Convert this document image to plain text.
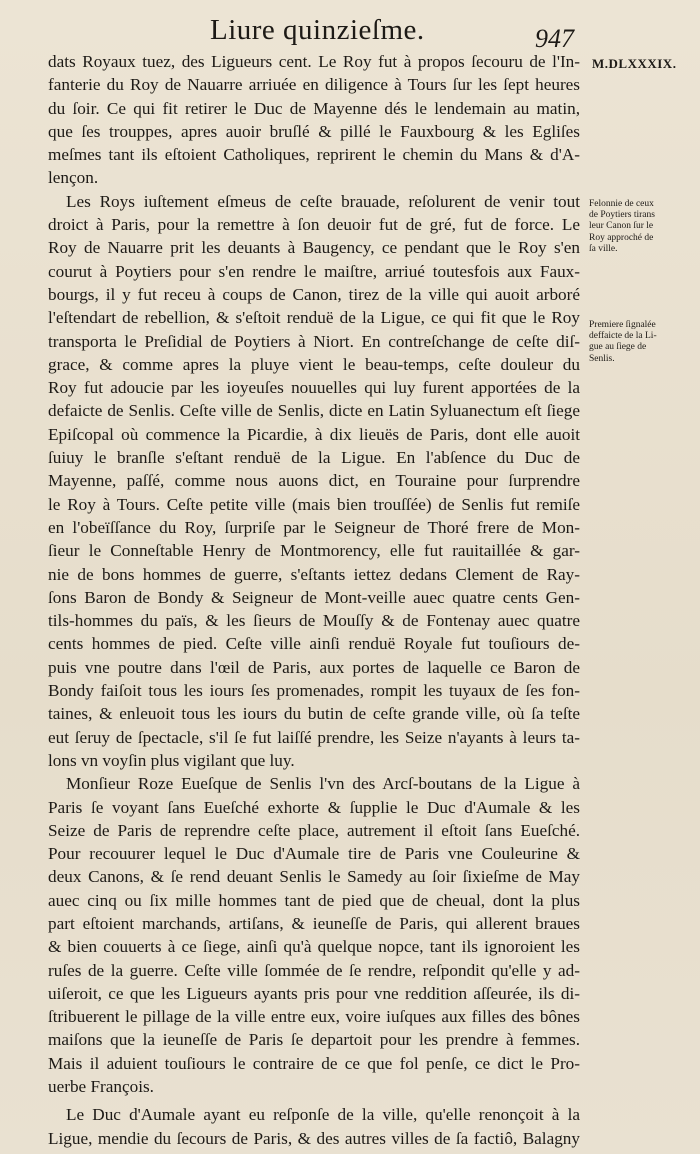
Liure quinzieſme.	947
M.DLXXXIX.
dats Royaux tuez, des Ligueurs cent. Le Roy fut à propos ſecouru de l'In-
fanterie du Roy de Nauarre arriuée en diligence à Tours ſur les ſept heures
du ſoir. Ce qui fit retirer le Duc de Mayenne dés le lendemain au matin,
que ſes trouppes, apres auoir bruſlé & pillé le Fauxbourg & les Egliſes
meſmes tant ils eſtoient Catholiques, reprirent le chemin du Mans & d'A-
lençon.
Les Roys iuſtement eſmeus de ceſte brauade, reſolurent de venir tout
droict à Paris, pour la remettre à ſon deuoir fut de gré, fut de force. Le
Roy de Nauarre prit les deuants à Baugency, ce pendant que le Roy s'en
courut à Poytiers pour s'en rendre le maiſtre, arriué toutesfois aux Faux-
bourgs, il y fut receu à coups de Canon, tirez de la ville qui auoit arboré
l'eſtendart de rebellion, & s'eſtoit renduë de la Ligue, ce qui fit que le Roy
transporta le Preſidial de Poytiers à Niort. En contreſchange de ceſte diſ-
grace, & comme apres la pluye vient le beau-temps, ceſte douleur du
Roy fut adoucie par les ioyeuſes nouuelles qui luy furent apportées de la
defaicte de Senlis. Ceſte ville de Senlis, dicte en Latin Syluanectum eſt ſiege
Epiſcopal où commence la Picardie, à dix lieuës de Paris, dont elle auoit
ſuiuy le branſle s'eſtant renduë de la Ligue. En l'abſence du Duc de
Mayenne, paſſé, comme nous auons dict, en Touraine pour ſurprendre
le Roy à Tours. Ceſte petite ville (mais bien trouſſée) de Senlis fut remiſe
en l'obeïſſance du Roy, ſurpriſe par le Seigneur de Thoré frere de Mon-
ſieur le Conneſtable Henry de Montmorency, elle fut rauitaillée & gar-
nie de bons hommes de guerre, s'eſtants iettez dedans Clement de Ray-
ſons Baron de Bondy & Seigneur de Mont-veille auec quatre cents Gen-
tils-hommes du païs, & les ſieurs de Mouſſy & de Fontenay auec quatre
cents hommes de pied. Ceſte ville ainſi renduë Royale fut touſiours de-
puis vne poutre dans l'œil de Paris, aux portes de laquelle ce Baron de
Bondy faiſoit tous les iours ſes promenades, rompit les tuyaux de ſes fon-
taines, & enleuoit tous les iours du butin de ceſte grande ville, où ſa teſte
eut ſeruy de ſpectacle, s'il ſe fut laiſſé prendre, les Seize n'ayants à leurs ta-
lons vn voyſin plus vigilant que luy.
Monſieur Roze Eueſque de Senlis l'vn des Arcſ-boutans de la Ligue à
Paris ſe voyant ſans Eueſché exhorte & ſupplie le Duc d'Aumale & les
Seize de Paris de reprendre ceſte place, autrement il eſtoit ſans Eueſché.
Pour recouurer lequel le Duc d'Aumale tire de Paris vne Couleurine &
deux Canons, & ſe rend deuant Senlis le Samedy au ſoir ſixieſme de May
auec cinq ou ſix mille hommes tant de pied que de cheual, dont la plus
part eſtoient marchands, artiſans, & ieuneſſe de Paris, qui allerent braues
& bien couuerts à ce ſiege, ainſi qu'à quelque nopce, tant ils ignoroient les
ruſes de la guerre. Ceſte ville ſommée de ſe rendre, reſpondit qu'elle y ad-
uiſeroit, ce que les Ligueurs ayants pris pour vne reddition aſſeurée, ils di-
ſtribuerent le pillage de la ville entre eux, voire iuſques aux filles des bônes
maiſons que la ieuneſſe de Paris ſe departoit pour les prendre à femmes.
Mais il aduient touſiours le contraire de ce que fol penſe, ce dict le Pro-
uerbe François.
Le Duc d'Aumale ayant eu reſponſe de la ville, qu'elle renonçoit à la
Ligue, mendie du ſecours de Paris, & des autres villes de ſa factiô, Balagny
Felonnie de ceux
de Poytiers tirans
leur Canon ſur le
Roy approché de
ſa ville.
Premiere ſignalée
deffaicte de la Li-
gue au ſiege de
Senlis.
